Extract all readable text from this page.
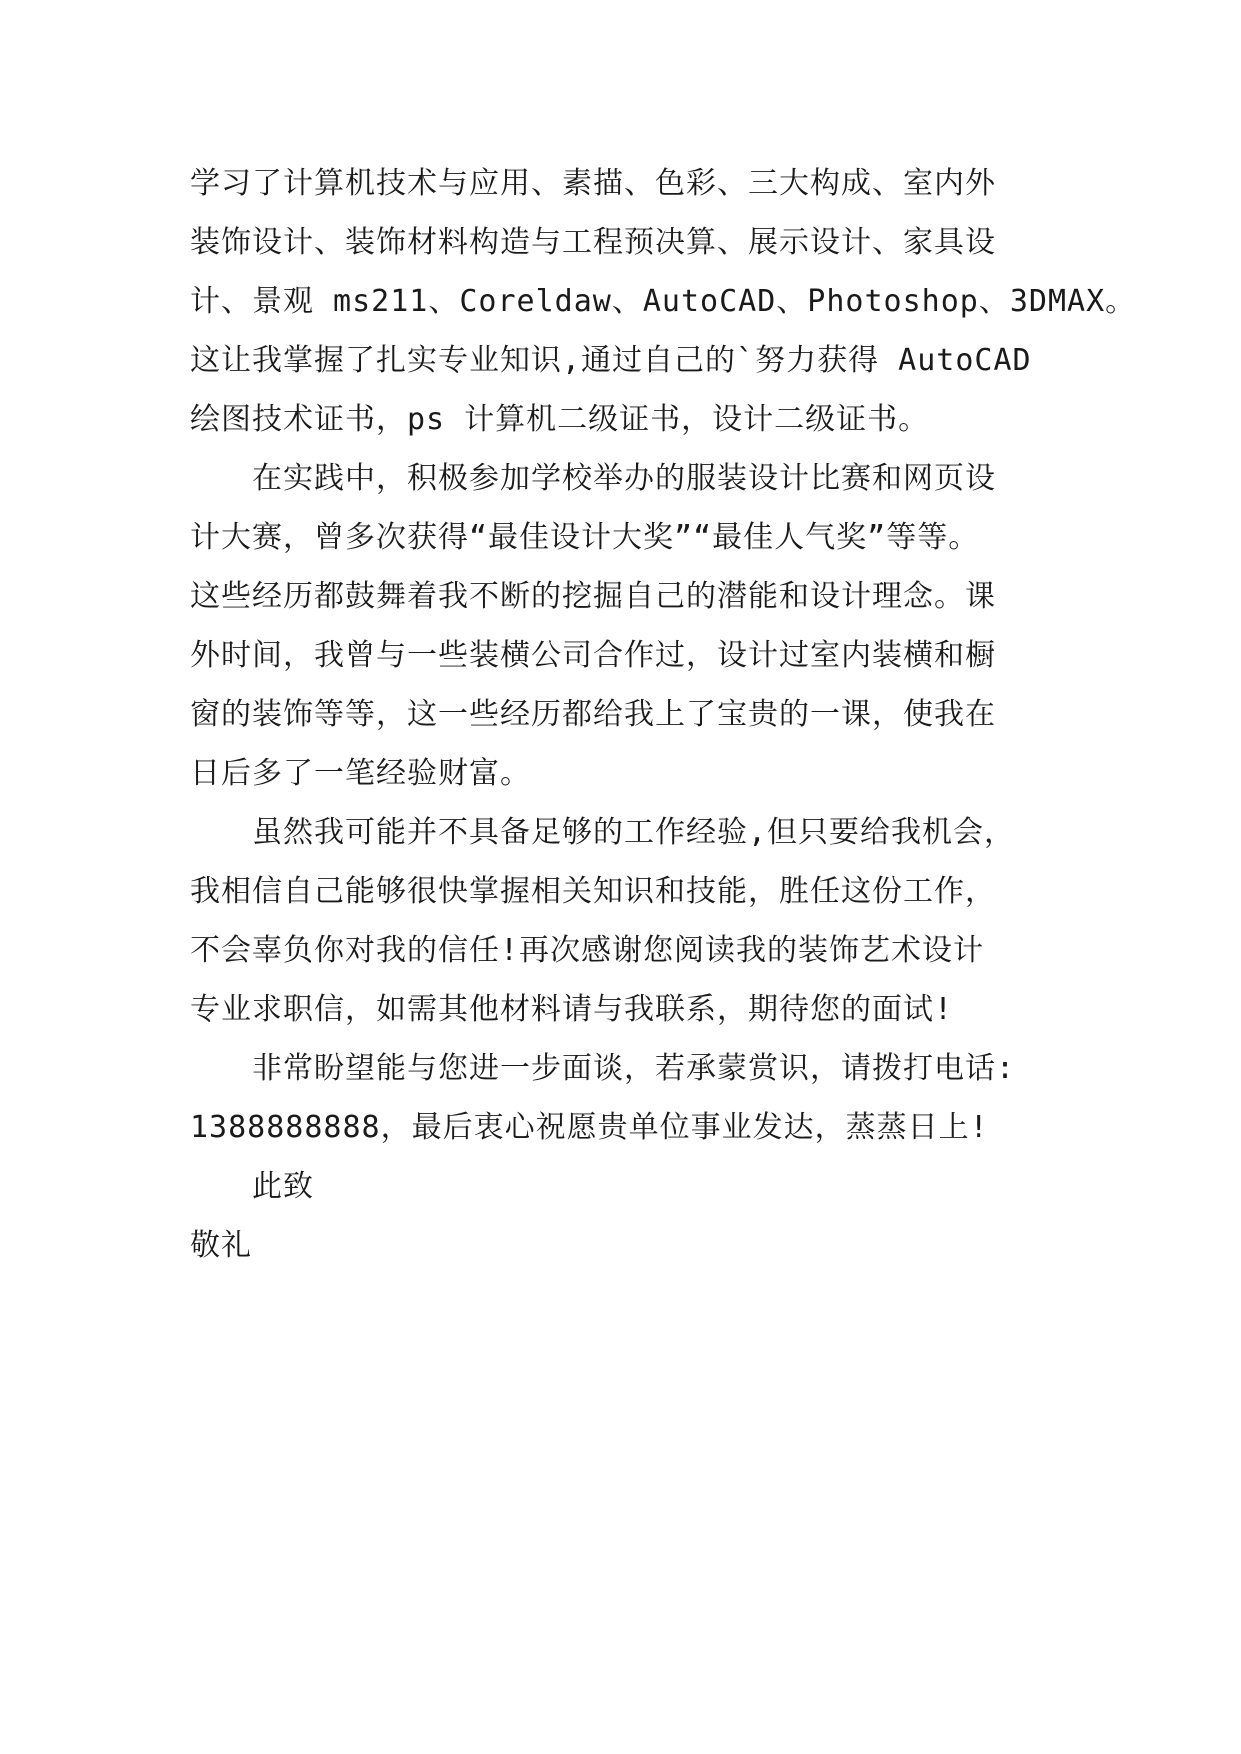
学习了计算机技术与应用、素描、色彩、三大构成、室内外
装饰设计、装饰材料构造与工程预决算、展示设计、家具设
计、景观 ms211、Coreldaw、AutoCAD、Photoshop、3DMAX。
这让我掌握了扎实专业知识,通过自己的`努力获得 AutoCAD
绘图技术证书，ps 计算机二级证书，设计二级证书。
在实践中，积极参加学校举办的服装设计比赛和网页设
计大赛，曾多次获得“最佳设计大奖”“最佳人气奖”等等。
这些经历都鼓舞着我不断的挖掘自己的潜能和设计理念。课
外时间，我曾与一些装横公司合作过，设计过室内装横和橱
窗的装饰等等，这一些经历都给我上了宝贵的一课，使我在
日后多了一笔经验财富。
虽然我可能并不具备足够的工作经验,但只要给我机会，
我相信自己能够很快掌握相关知识和技能，胜任这份工作，
不会辜负你对我的信任!再次感谢您阅读我的装饰艺术设计
专业求职信，如需其他材料请与我联系，期待您的面试!
非常盼望能与您进一步面谈，若承蒙赏识，请拨打电话:
1388888888，最后衷心祝愿贵单位事业发达，蒸蒸日上!
此致
敬礼
